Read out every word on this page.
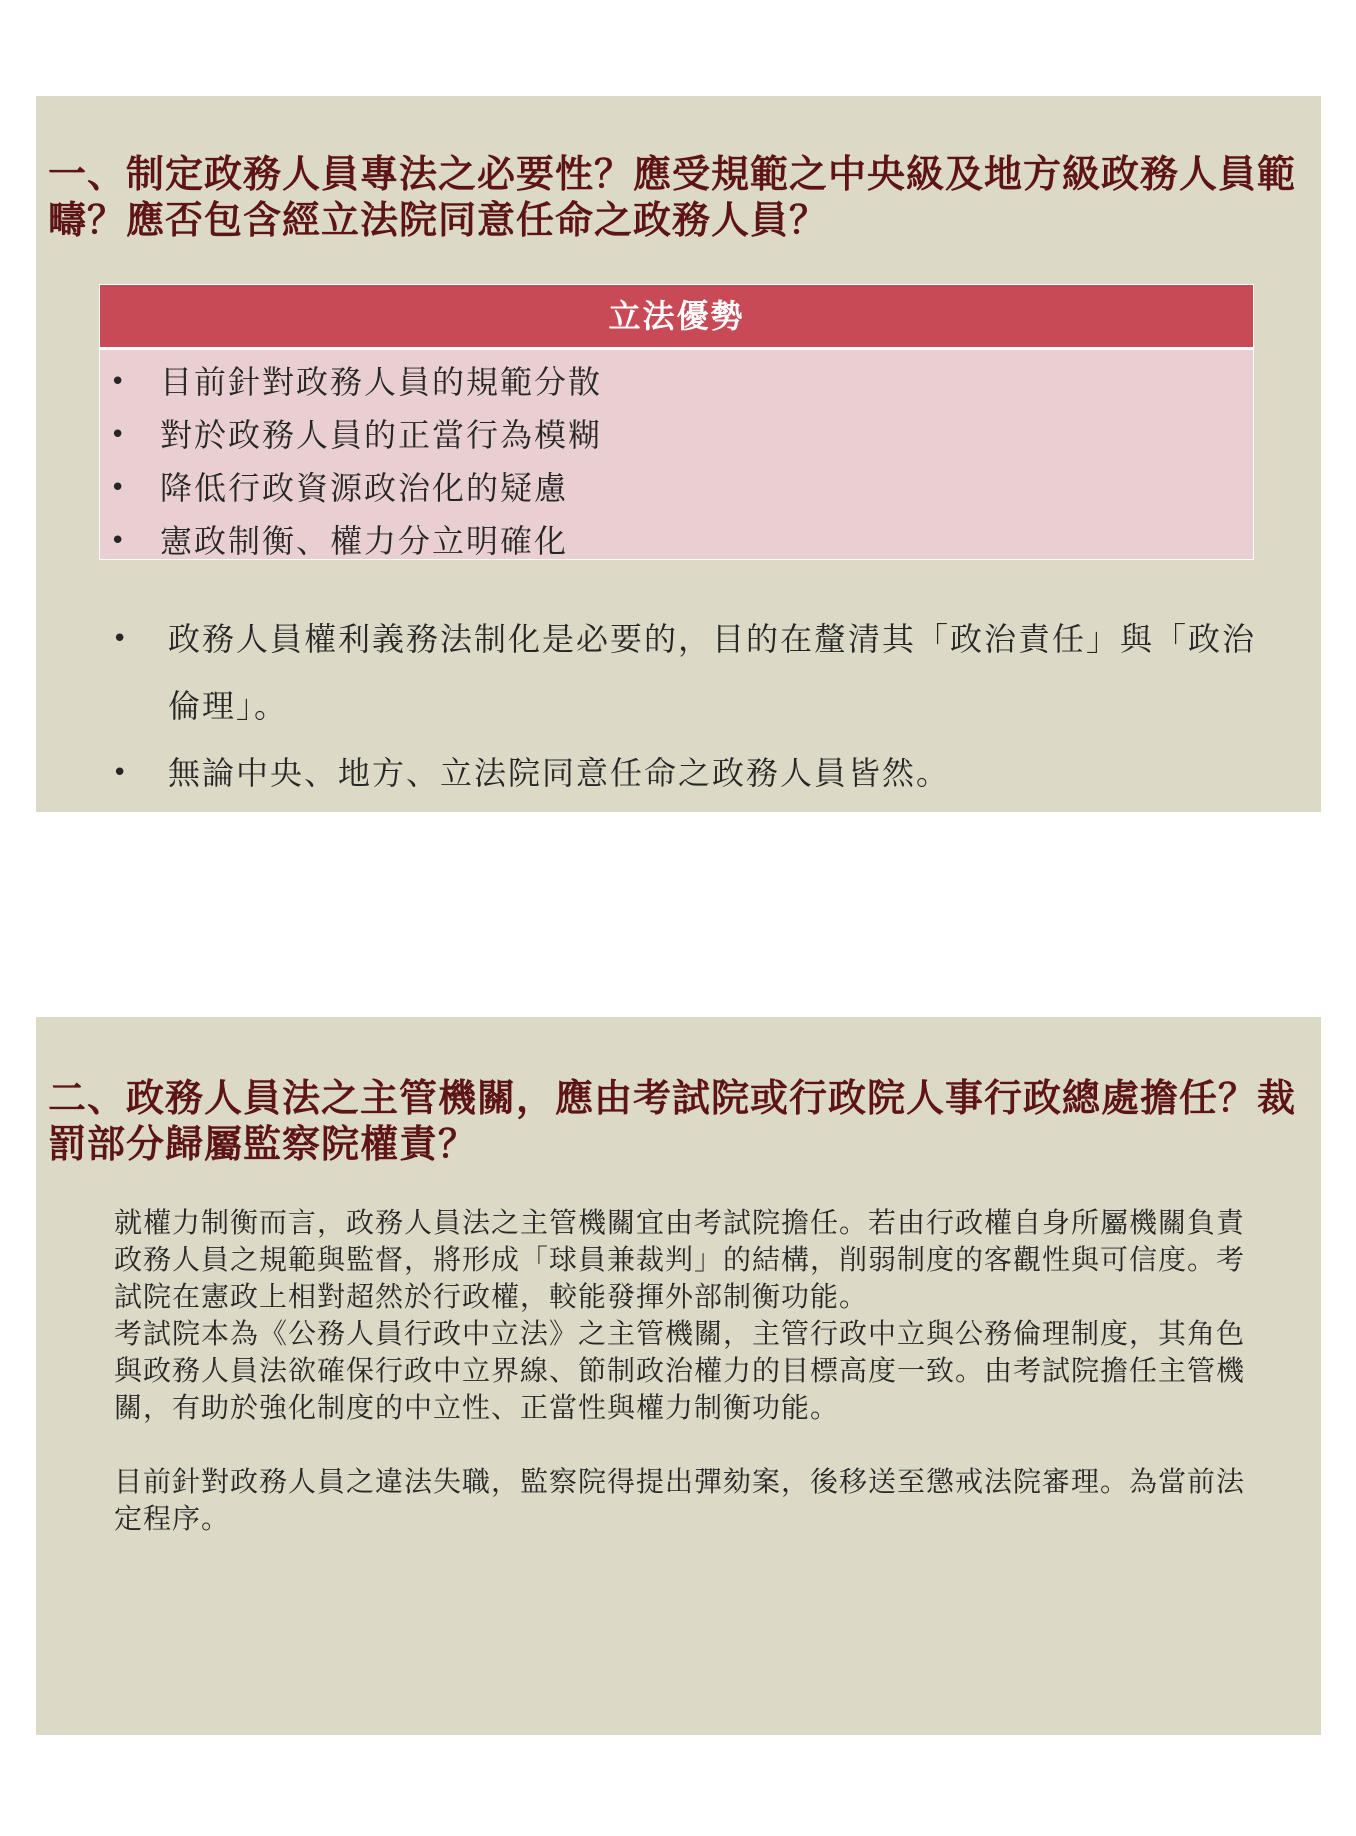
一、制定政務人員專法之必要性？應受規範之中央級及地方級政務人員範疇？應否包含經立法院同意任命之政務人員？
立法優勢
• 目前針對政務人員的規範分散
• 對於政務人員的正當行為模糊
• 降低行政資源政治化的疑慮
• 憲政制衡、權力分立明確化
• 政務人員權利義務法制化是必要的，目的在釐清其「政治責任」與「政治倫理」。
• 無論中央、地方、立法院同意任命之政務人員皆然。
二、政務人員法之主管機關，應由考試院或行政院人事行政總處擔任？裁罰部分歸屬監察院權責？

就權力制衡而言，政務人員法之主管機關宜由考試院擔任。若由行政權自身所屬機關負責政務人員之規範與監督，將形成「球員兼裁判」的結構，削弱制度的客觀性與可信度。考試院在憲政上相對超然於行政權，較能發揮外部制衡功能。

考試院本為《公務人員行政中立法》之主管機關，主管行政中立與公務倫理制度，其角色與政務人員法欲確保行政中立界線、節制政治權力的目標高度一致。由考試院擔任主管機關，有助於強化制度的中立性、正當性與權力制衡功能。

目前針對政務人員之違法失職，監察院得提出彈劾案，後移送至懲戒法院審理。為當前法定程序。
